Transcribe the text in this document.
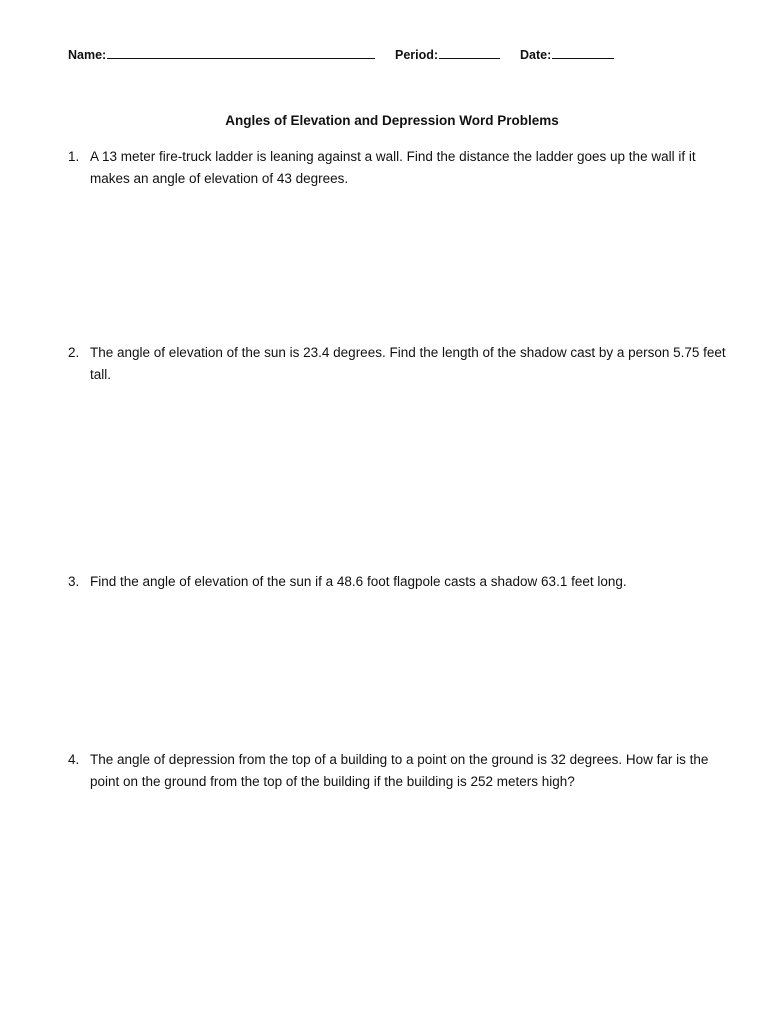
Name:	Period:	Date:
Angles of Elevation and Depression Word Problems
1. A 13 meter fire-truck ladder is leaning against a wall. Find the distance the ladder goes up the wall if it makes an angle of elevation of 43 degrees.
2. The angle of elevation of the sun is 23.4 degrees. Find the length of the shadow cast by a person 5.75 feet tall.
3. Find the angle of elevation of the sun if a 48.6 foot flagpole casts a shadow 63.1 feet long.
4. The angle of depression from the top of a building to a point on the ground is 32 degrees. How far is the point on the ground from the top of the building if the building is 252 meters high?
